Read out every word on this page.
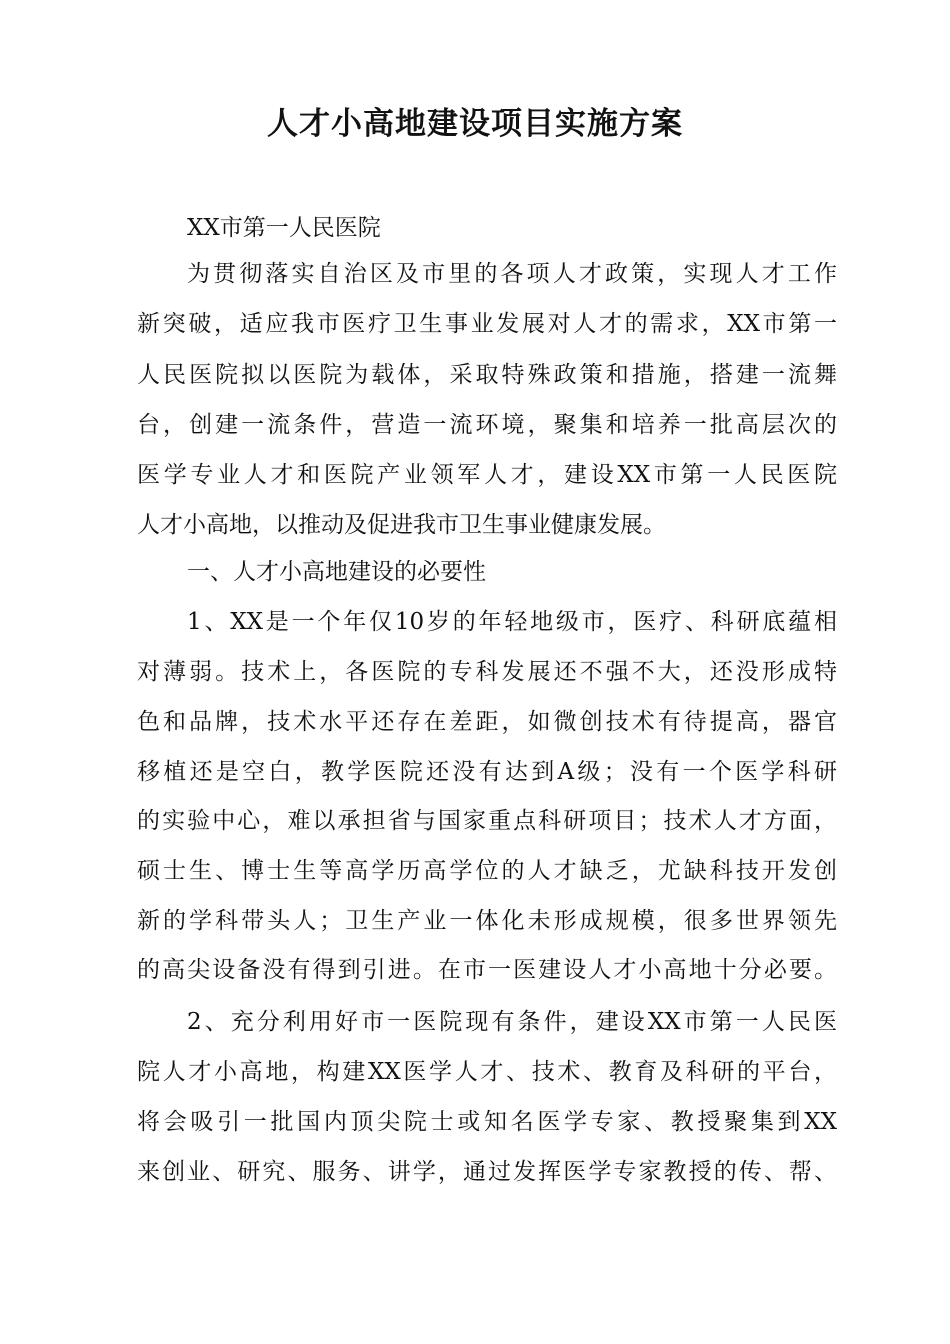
人才小高地建设项目实施方案

XX市第一人民医院

为贯彻落实自治区及市里的各项人才政策，实现人才工作

新突破，适应我市医疗卫生事业发展对人才的需求，XX市第一

人民医院拟以医院为载体，采取特殊政策和措施，搭建一流舞

台，创建一流条件，营造一流环境，聚集和培养一批高层次的

医学专业人才和医院产业领军人才，建设XX市第一人民医院

人才小高地，以推动及促进我市卫生事业健康发展。

一、人才小高地建设的必要性

1、XX是一个年仅10岁的年轻地级市，医疗、科研底蕴相

对薄弱。技术上，各医院的专科发展还不强不大，还没形成特

色和品牌，技术水平还存在差距，如微创技术有待提高，器官

移植还是空白，教学医院还没有达到A级；没有一个医学科研

的实验中心，难以承担省与国家重点科研项目；技术人才方面，

硕士生、博士生等高学历高学位的人才缺乏，尤缺科技开发创

新的学科带头人；卫生产业一体化未形成规模，很多世界领先

的高尖设备没有得到引进。在市一医建设人才小高地十分必要。

2、充分利用好市一医院现有条件，建设XX市第一人民医

院人才小高地，构建XX医学人才、技术、教育及科研的平台，

将会吸引一批国内顶尖院士或知名医学专家、教授聚集到XX

来创业、研究、服务、讲学，通过发挥医学专家教授的传、帮、
